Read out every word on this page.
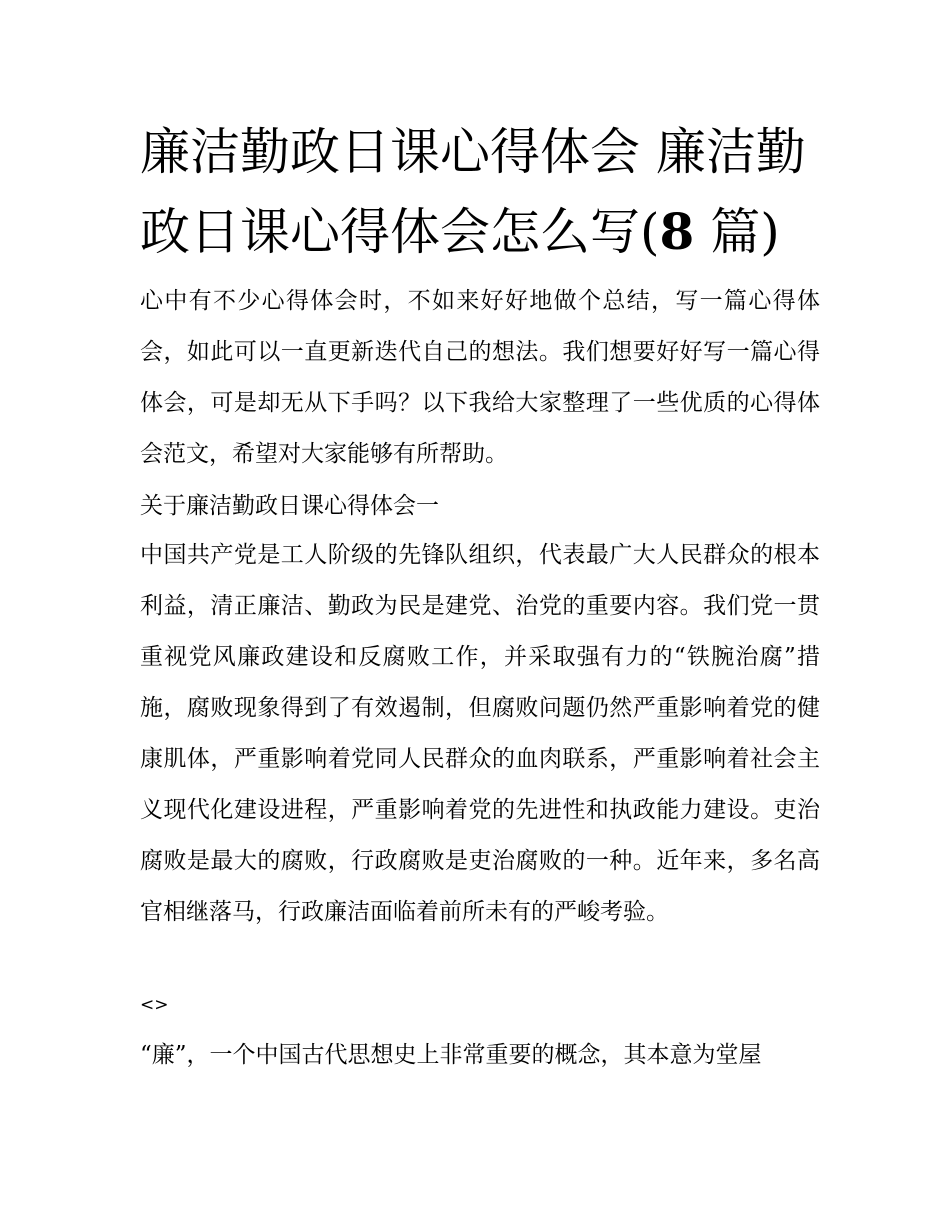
廉洁勤政日课心得体会 廉洁勤政日课心得体会怎么写(8 篇)

心中有不少心得体会时，不如来好好地做个总结，写一篇心得体会，如此可以一直更新迭代自己的想法。我们想要好好写一篇心得体会，可是却无从下手吗？以下我给大家整理了一些优质的心得体会范文，希望对大家能够有所帮助。

关于廉洁勤政日课心得体会一

中国共产党是工人阶级的先锋队组织，代表最广大人民群众的根本利益，清正廉洁、勤政为民是建党、治党的重要内容。我们党一贯重视党风廉政建设和反腐败工作，并采取强有力的“铁腕治腐”措施，腐败现象得到了有效遏制，但腐败问题仍然严重影响着党的健康肌体，严重影响着党同人民群众的血肉联系，严重影响着社会主义现代化建设进程，严重影响着党的先进性和执政能力建设。吏治腐败是最大的腐败，行政腐败是吏治腐败的一种。近年来，多名高官相继落马，行政廉洁面临着前所未有的严峻考验。

<>

“廉”，一个中国古代思想史上非常重要的概念，其本意为堂屋
